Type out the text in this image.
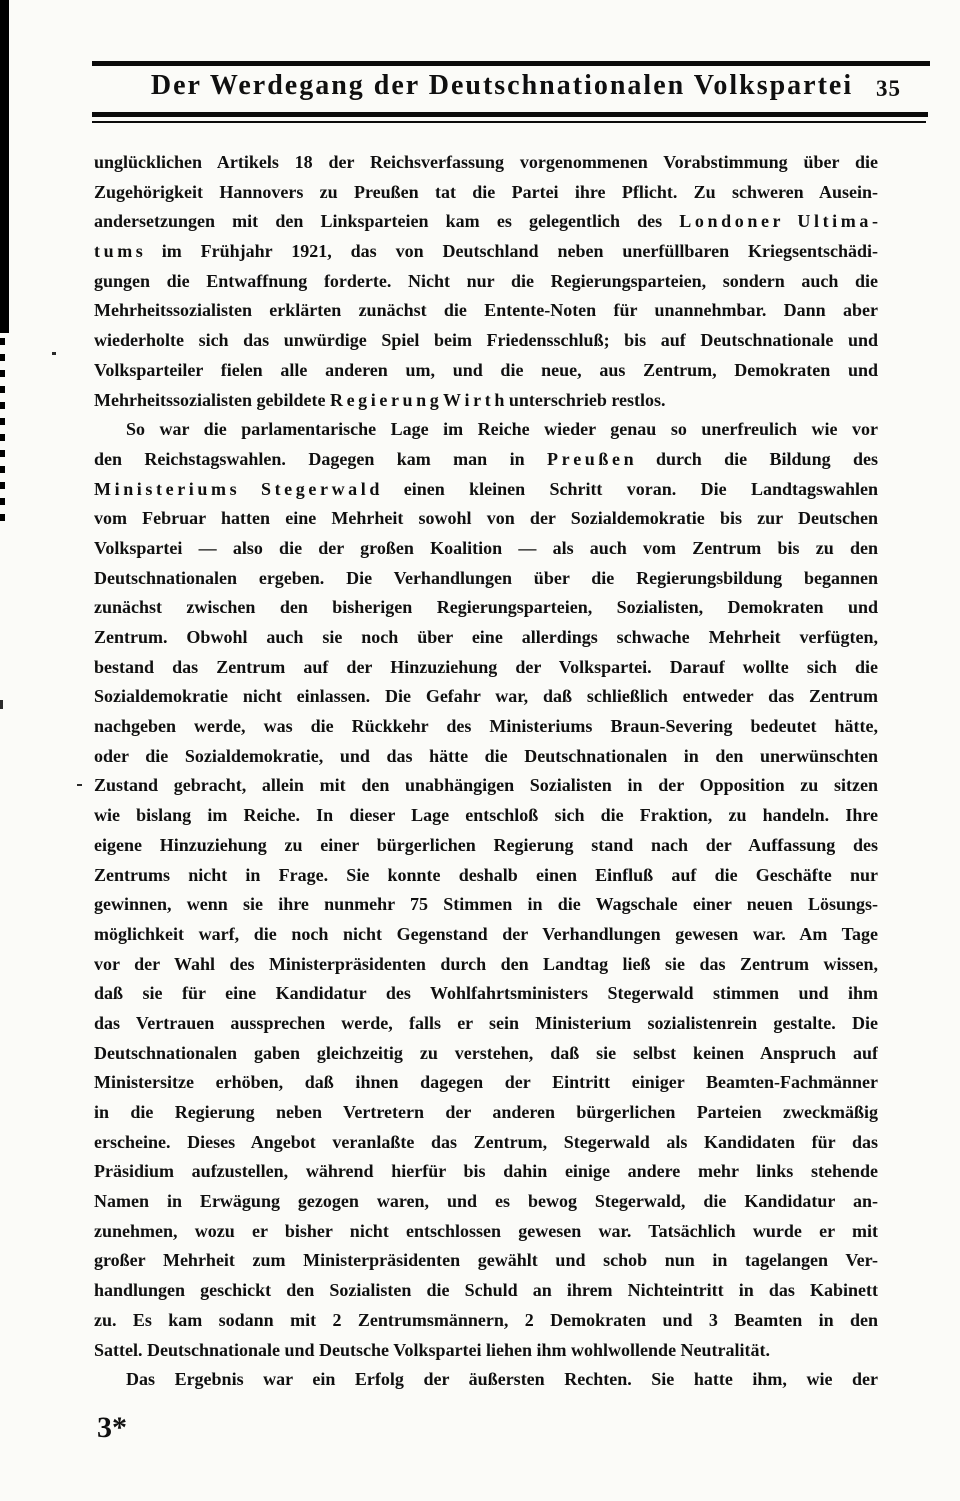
Der Werdegang der Deutschnationalen Volkspartei 35
unglücklichen Artikels 18 der Reichsverfassung vorgenommenen Vorabstimmung über die
Zugehörigkeit Hannovers zu Preußen tat die Partei ihre Pflicht. Zu schweren Ausein-
andersetzungen mit den Linksparteien kam es gelegentlich des L o n d o n e r U l t i m a -
t u m s im Frühjahr 1921, das von Deutschland neben unerfüllbaren Kriegsentschädi-
gungen die Entwaffnung forderte. Nicht nur die Regierungsparteien, sondern auch die
Mehrheitssozialisten erklärten zunächst die Entente-Noten für unannehmbar. Dann aber
wiederholte sich das unwürdige Spiel beim Friedensschluß; bis auf Deutschnationale und
Volksparteiler fielen alle anderen um, und die neue, aus Zentrum, Demokraten und
Mehrheitssozialisten gebildete R e g i e r u n g W i r t h unterschrieb restlos.
So war die parlamentarische Lage im Reiche wieder genau so unerfreulich wie vor
den Reichstagswahlen. Dagegen kam man in P r e u ß e n durch die Bildung des
M i n i s t e r i u m s S t e g e r w a l d einen kleinen Schritt voran. Die Landtagswahlen
vom Februar hatten eine Mehrheit sowohl von der Sozialdemokratie bis zur Deutschen
Volkspartei — also die der großen Koalition — als auch vom Zentrum bis zu den
Deutschnationalen ergeben. Die Verhandlungen über die Regierungsbildung begannen
zunächst zwischen den bisherigen Regierungsparteien, Sozialisten, Demokraten und
Zentrum. Obwohl auch sie noch über eine allerdings schwache Mehrheit verfügten,
bestand das Zentrum auf der Hinzuziehung der Volkspartei. Darauf wollte sich die
Sozialdemokratie nicht einlassen. Die Gefahr war, daß schließlich entweder das Zentrum
nachgeben werde, was die Rückkehr des Ministeriums Braun-Severing bedeutet hätte,
oder die Sozialdemokratie, und das hätte die Deutschnationalen in den unerwünschten
Zustand gebracht, allein mit den unabhängigen Sozialisten in der Opposition zu sitzen
wie bislang im Reiche. In dieser Lage entschloß sich die Fraktion, zu handeln. Ihre
eigene Hinzuziehung zu einer bürgerlichen Regierung stand nach der Auffassung des
Zentrums nicht in Frage. Sie konnte deshalb einen Einfluß auf die Geschäfte nur
gewinnen, wenn sie ihre nunmehr 75 Stimmen in die Wagschale einer neuen Lösungs-
möglichkeit warf, die noch nicht Gegenstand der Verhandlungen gewesen war. Am Tage
vor der Wahl des Ministerpräsidenten durch den Landtag ließ sie das Zentrum wissen,
daß sie für eine Kandidatur des Wohlfahrtsministers Stegerwald stimmen und ihm
das Vertrauen aussprechen werde, falls er sein Ministerium sozialistenrein gestalte. Die
Deutschnationalen gaben gleichzeitig zu verstehen, daß sie selbst keinen Anspruch auf
Ministersitze erhöben, daß ihnen dagegen der Eintritt einiger Beamten-Fachmänner
in die Regierung neben Vertretern der anderen bürgerlichen Parteien zweckmäßig
erscheine. Dieses Angebot veranlaßte das Zentrum, Stegerwald als Kandidaten für das
Präsidium aufzustellen, während hierfür bis dahin einige andere mehr links stehende
Namen in Erwägung gezogen waren, und es bewog Stegerwald, die Kandidatur an-
zunehmen, wozu er bisher nicht entschlossen gewesen war. Tatsächlich wurde er mit
großer Mehrheit zum Ministerpräsidenten gewählt und schob nun in tagelangen Ver-
handlungen geschickt den Sozialisten die Schuld an ihrem Nichteintritt in das Kabinett
zu. Es kam sodann mit 2 Zentrumsmännern, 2 Demokraten und 3 Beamten in den
Sattel. Deutschnationale und Deutsche Volkspartei liehen ihm wohlwollende Neutralität.
Das Ergebnis war ein Erfolg der äußersten Rechten. Sie hatte ihm, wie der
3*
